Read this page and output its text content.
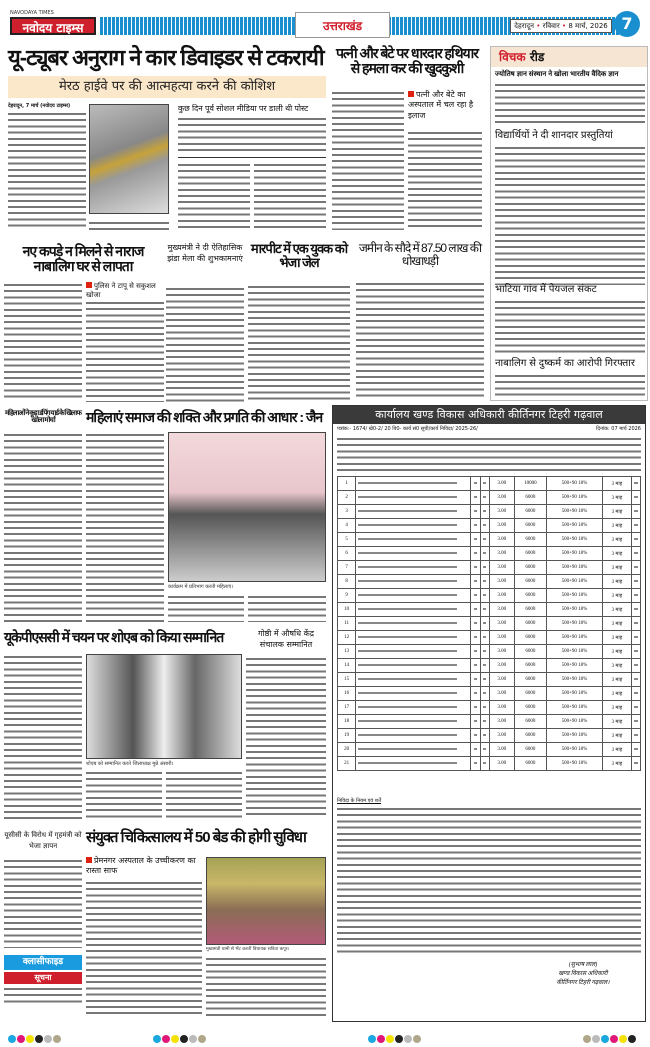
NAVODAYA TIMES
नवोदय टाइम्स	उत्तराखंड	देहरादून • रविवार • 8 मार्च, 2026 7
यू-ट्यूबर अनुराग ने कार डिवाइडर से टकरायी
मेरठ हाईवे पर की आत्महत्या करने की कोशिश
देहरादून, 7 मार्च (नवोदय टाइम्स)	कुछ दिन पूर्व सोशल मीडिया पर डाली थी पोस्ट
पत्नी और बेटे पर धारदार हथियार से हमला कर की खुदकुशी
पत्नी और बेटे का अस्पताल में चल रहा है इलाज
विचक रीड
ज्योतिष ज्ञान संस्थान ने खोला भारतीय वैदिक ज्ञान
विद्यार्थियों ने दी शानदार प्रस्तुतियां
भाटिया गांव में पेयजल संकट
नाबालिग से दुष्कर्म का आरोपी गिरफ्तार
नए कपड़े न मिलने से नाराज नाबालिग घर से लापता
पुलिस ने टापू से सकुशल खोजा
मुख्यमंत्री ने दी ऐतिहासिक झंडा मेला की शुभकामनाएं
मारपीट में एक युवक को भेजा जेल
जमीन के सौदे में 87.50 लाख की धोखाधड़ी
महिलाओं ने कूड़ा डंपिंग यार्ड के खिलाफ खोला मोर्चा	महिलाएं समाज की शक्ति और प्रगति की आधार : जैन
कार्यक्रम में प्रतिभाग करती महिलाएं।
यूकेपीएससी में चयन पर शोएब को किया सम्मानित
शोएब को सम्मानित करते जिलाध्यक्ष मुन्ने अंसारी।
गोष्ठी में औषधि केंद्र संचालक सम्मानित
यूसीसी के विरोध में गृहमंत्री को भेजा ज्ञापन
क्लासीफाइड
सूचना
संयुक्त चिकित्सालय में 50 बेड की होगी सुविधा
प्रेमनगर अस्पताल के उच्चीकरण का रास्ता साफ
मुख्यमंत्री धामी से भेंट करतीं विधायक सविता कपूर।
कार्यालय खण्ड विकास अधिकारी कीर्तिनगर टिहरी गढ़वाल
पत्रांक:- 1674/ खे0-2/ 20 वि0- कार्य सं0 सूची/कार्य निविदा/ 2025-26/	दिनांक: 07 मार्च 2026
1				3.00	10000	500+90 18%	3 माह	
2				3.00	6000	500+90 18%	3 माह	
3				3.00	6000	500+90 18%	3 माह	
4				3.00	6000	500+90 18%	3 माह	
5				3.00	6000	500+90 18%	3 माह	
6				3.00	6000	500+90 18%	3 माह	
7				3.00	6000	500+90 18%	3 माह	
8				3.00	6000	500+90 18%	3 माह	
9				3.00	6000	500+90 18%	3 माह	
10				3.00	6000	500+90 18%	3 माह	
11				3.00	6000	500+90 18%	3 माह	
12				3.00	6000	500+90 18%	3 माह	
13				3.00	6000	500+90 18%	3 माह	
14				3.00	6000	500+90 18%	3 माह	
15				3.00	6000	500+90 18%	3 माह	
16				3.00	6000	500+90 18%	3 माह	
17				3.00	6000	500+90 18%	3 माह	
18				3.00	6000	500+90 18%	3 माह	
19				3.00	6000	500+90 18%	3 माह	
20				3.00	6000	500+90 18%	3 माह	
21				3.00	6000	500+90 18%	3 माह	
निविदा के नियम एवं शर्तें
(सुभाष लाल)
खण्ड विकास अधिकारी
कीर्तिनगर टिहरी गढ़वाल।
